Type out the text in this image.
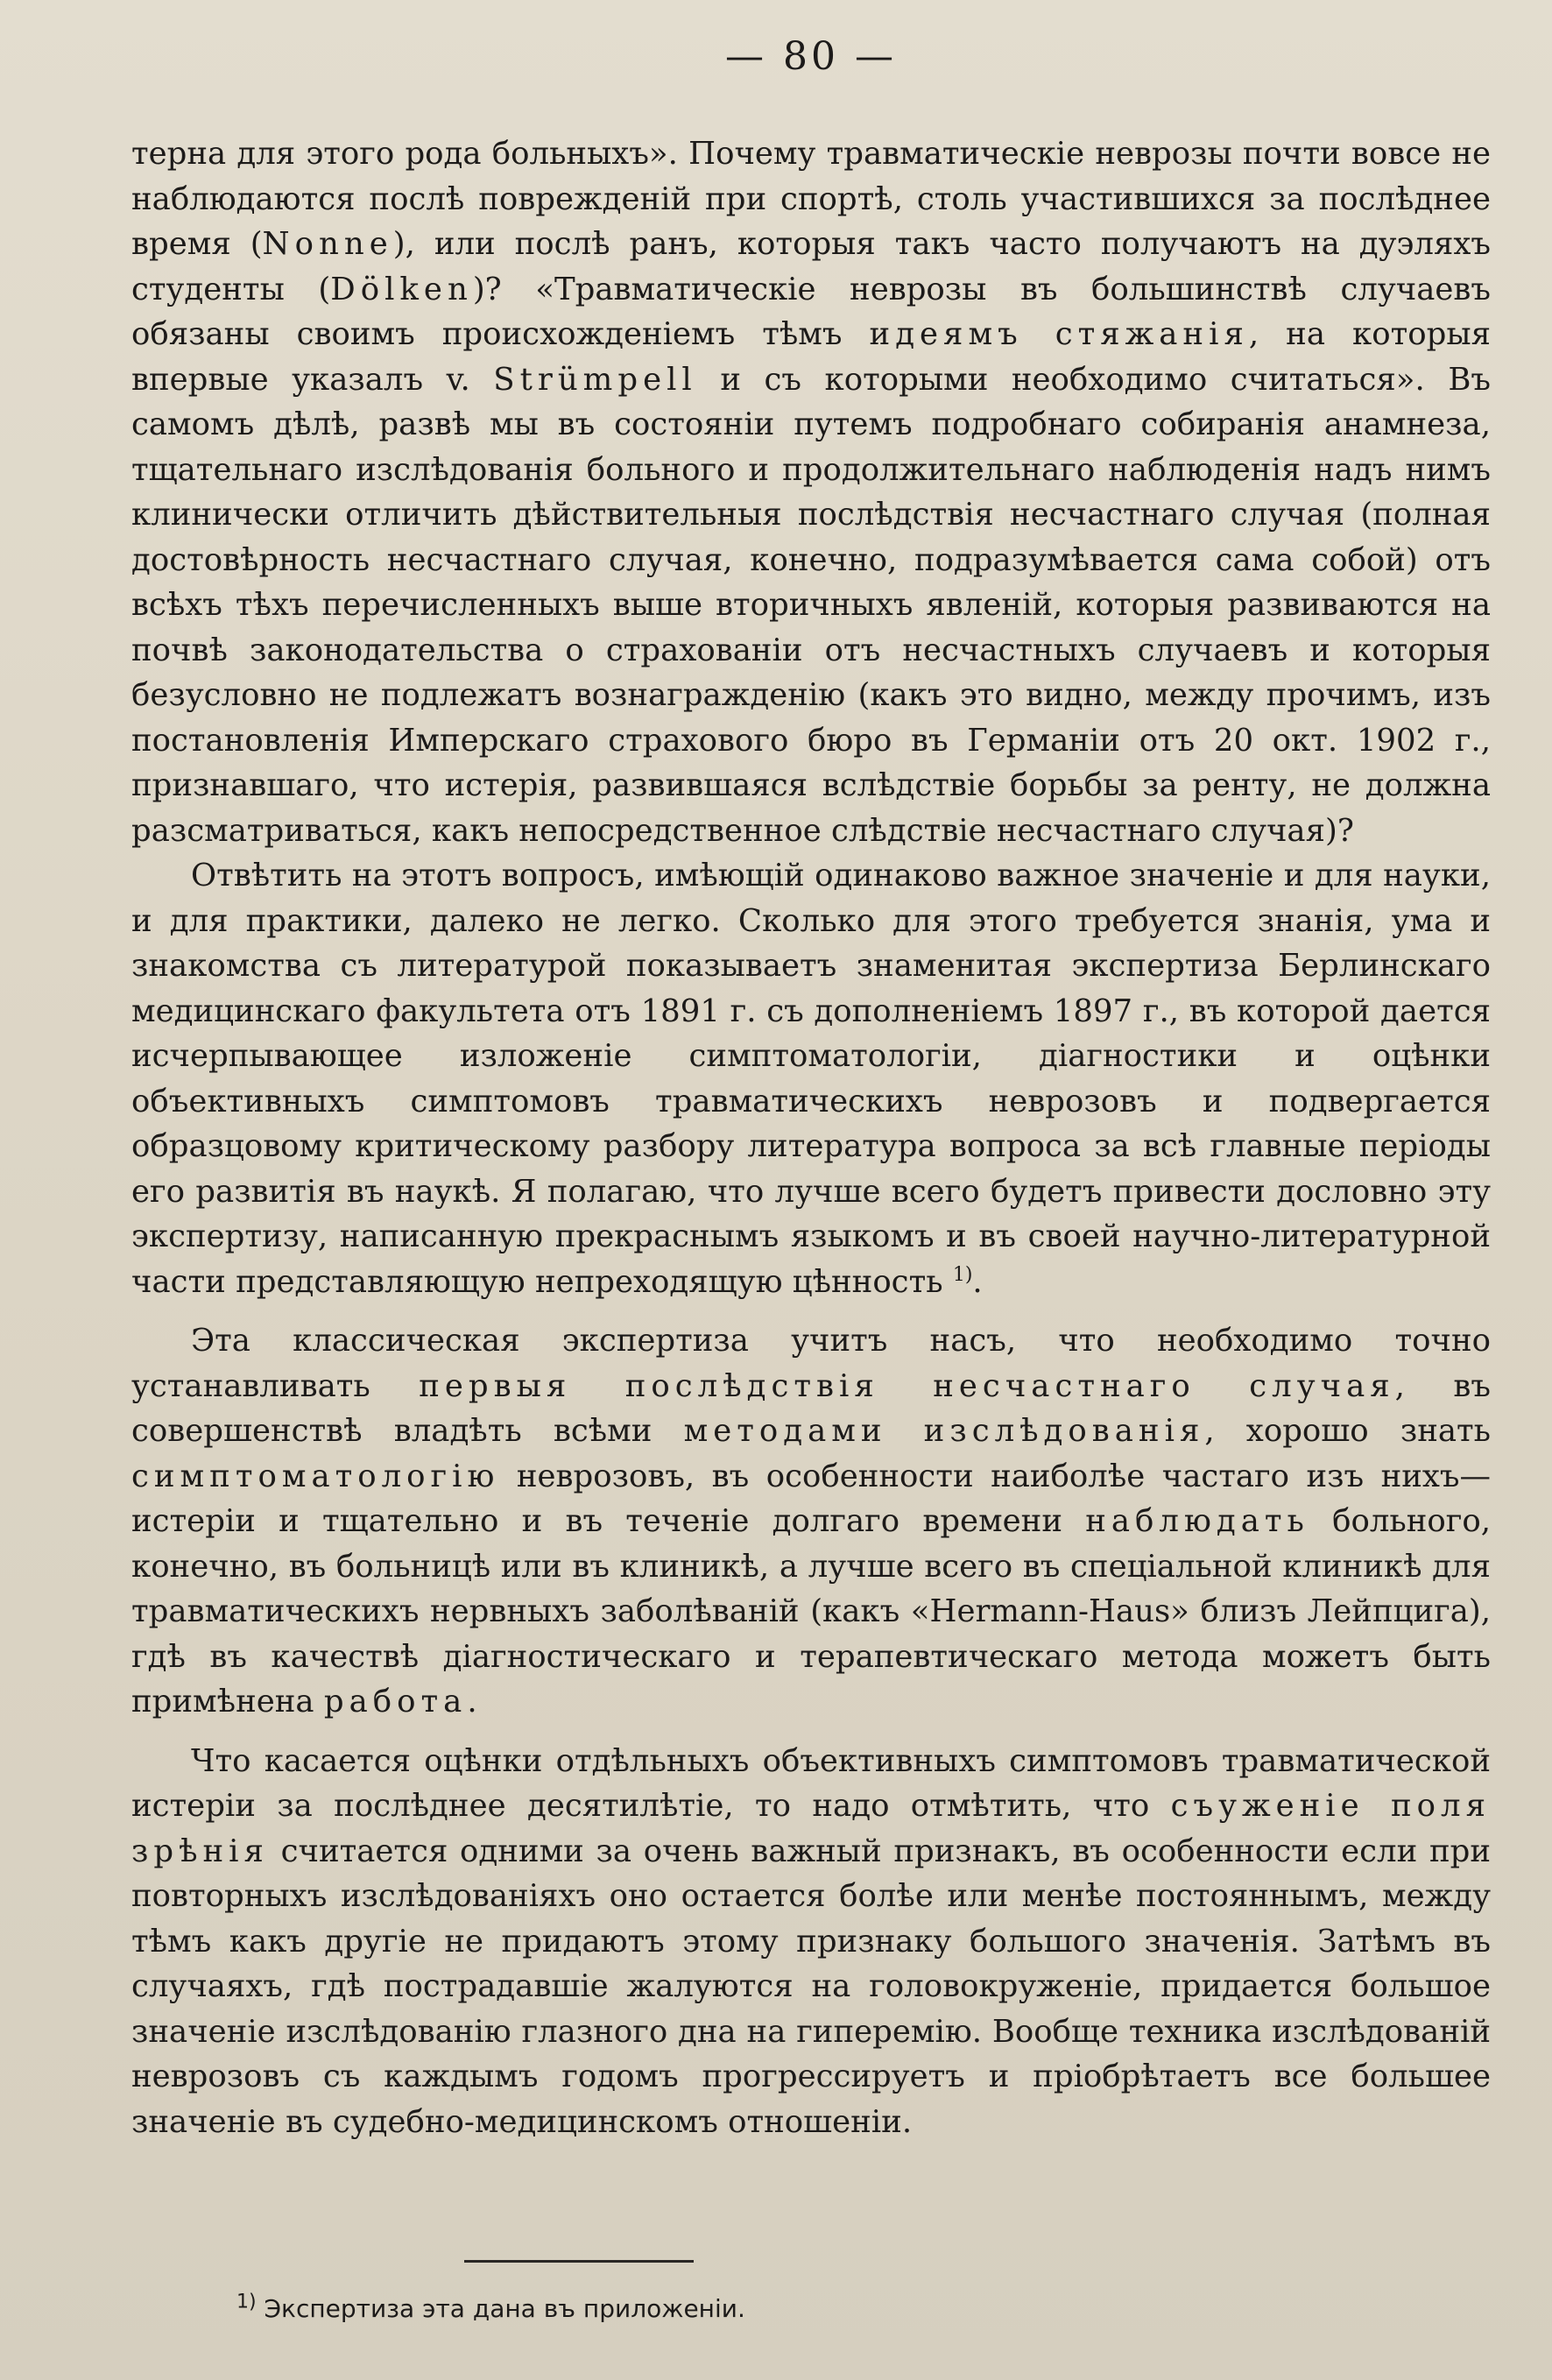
— 80 —

терна для этого рода больныхъ». Почему травматическіе неврозы почти вовсе не наблюдаются послѣ поврежденій при спортѣ, столь участившихся за послѣднее время (Nonne), или послѣ ранъ, которыя такъ часто получаютъ на дуэляхъ студенты (Dölken)? «Травматическіе неврозы въ большинствѣ случаевъ обязаны своимъ происхожденіемъ тѣмъ идеямъ стяжанія, на которыя впервые указалъ v. Strümpell и съ которыми необходимо считаться». Въ самомъ дѣлѣ, развѣ мы въ состояніи путемъ подробнаго собиранія анамнеза, тщательнаго изслѣдованія больного и продолжительнаго наблюденія надъ нимъ клинически отличить дѣйствительныя послѣдствія несчастнаго случая (полная достовѣрность несчастнаго случая, конечно, подразумѣвается сама собой) отъ всѣхъ тѣхъ перечисленныхъ выше вторичныхъ явленій, которыя развиваются на почвѣ законодательства о страхованіи отъ несчастныхъ случаевъ и которыя безусловно не подлежатъ вознагражденію (какъ это видно, между прочимъ, изъ постановленія Имперскаго страхового бюро въ Германіи отъ 20 окт. 1902 г., признавшаго, что истерія, развившаяся вслѣдствіе борьбы за ренту, не должна разсматриваться, какъ непосредственное слѣдствіе несчастнаго случая)?

Отвѣтить на этотъ вопросъ, имѣющій одинаково важное значеніе и для науки, и для практики, далеко не легко. Сколько для этого требуется знанія, ума и знакомства съ литературой показываетъ знаменитая экспертиза Берлинскаго медицинскаго факультета отъ 1891 г. съ дополненіемъ 1897 г., въ которой дается исчерпывающее изложеніе симптоматологіи, діагностики и оцѣнки объективныхъ симптомовъ травматическихъ неврозовъ и подвергается образцовому критическому разбору литература вопроса за всѣ главные періоды его развитія въ наукѣ. Я полагаю, что лучше всего будетъ привести дословно эту экспертизу, написанную прекраснымъ языкомъ и въ своей научно-литературной части представляющую непреходящую цѣнность $^{1)}$.

Эта классическая экспертиза учитъ насъ, что необходимо точно устанавливать первыя послѣдствія несчастнаго случая, въ совершенствѣ владѣть всѣми методами изслѣдованія, хорошо знать симптоматологію неврозовъ, въ особенности наиболѣе частаго изъ нихъ—истеріи и тщательно и въ теченіе долгаго времени наблюдать больного, конечно, въ больницѣ или въ клиникѣ, а лучше всего въ спеціальной клиникѣ для травматическихъ нервныхъ заболѣваній (какъ «Hermann-Haus» близъ Лейпцига), гдѣ въ качествѣ діагностическаго и терапевтическаго метода можетъ быть примѣнена работа.

Что касается оцѣнки отдѣльныхъ объективныхъ симптомовъ травматической истеріи за послѣднее десятилѣтіе, то надо отмѣтить, что съуженіе поля зрѣнія считается одними за очень важный признакъ, въ особенности если при повторныхъ изслѣдованіяхъ оно остается болѣе или менѣе постояннымъ, между тѣмъ какъ другіе не придаютъ этому признаку большого значенія. Затѣмъ въ случаяхъ, гдѣ пострадавшіе жалуются на головокруженіе, придается большое значеніе изслѣдованію глазного дна на гиперемію. Вообще техника изслѣдованій неврозовъ съ каждымъ годомъ прогрессируетъ и пріобрѣтаетъ все большее значеніе въ судебно-медицинскомъ отношеніи.

$^{1)}$ Экспертиза эта дана въ приложеніи.
